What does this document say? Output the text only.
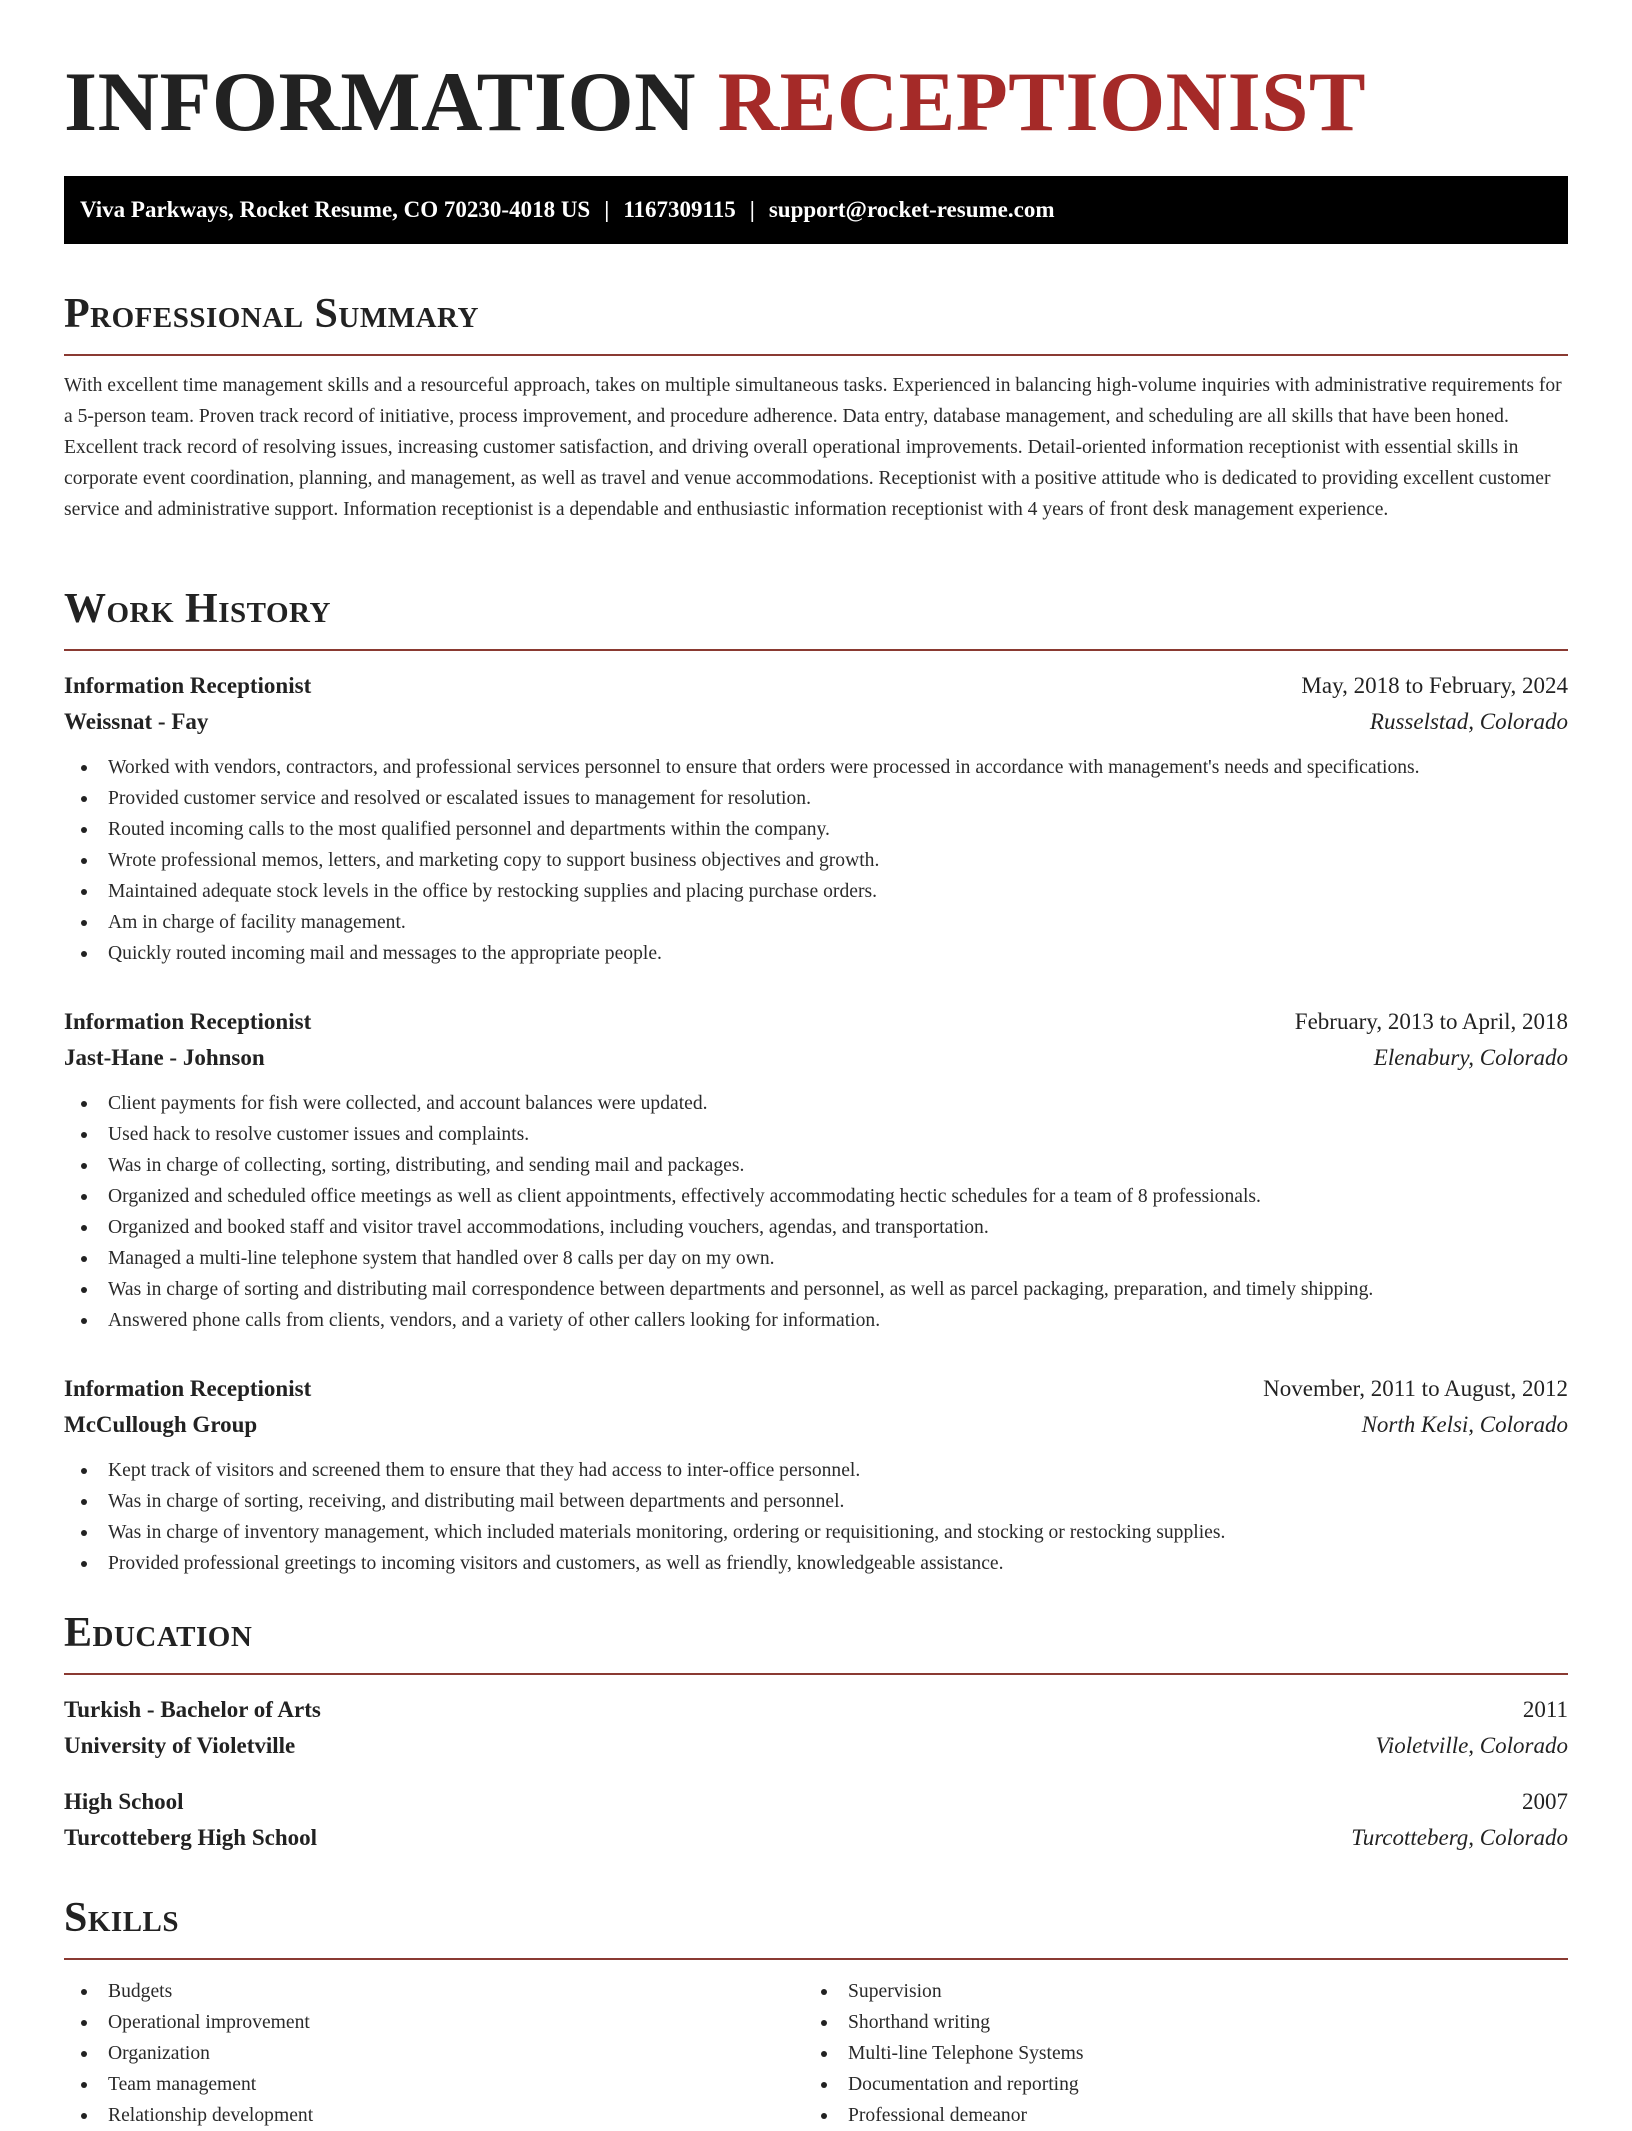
INFORMATION RECEPTIONIST
Viva Parkways, Rocket Resume, CO 70230-4018 US | 1167309115 | support@rocket-resume.com
Professional Summary

With excellent time management skills and a resourceful approach, takes on multiple simultaneous tasks. Experienced in balancing high-volume inquiries with administrative requirements for a 5-person team. Proven track record of initiative, process improvement, and procedure adherence. Data entry, database management, and scheduling are all skills that have been honed. Excellent track record of resolving issues, increasing customer satisfaction, and driving overall operational improvements. Detail-oriented information receptionist with essential skills in corporate event coordination, planning, and management, as well as travel and venue accommodations. Receptionist with a positive attitude who is dedicated to providing excellent customer service and administrative support. Information receptionist is a dependable and enthusiastic information receptionist with 4 years of front desk management experience.

Work History
Information Receptionist	May, 2018 to February, 2024
Weissnat - Fay	Russelstad, Colorado
Worked with vendors, contractors, and professional services personnel to ensure that orders were processed in accordance with management's needs and specifications.
Provided customer service and resolved or escalated issues to management for resolution.
Routed incoming calls to the most qualified personnel and departments within the company.
Wrote professional memos, letters, and marketing copy to support business objectives and growth.
Maintained adequate stock levels in the office by restocking supplies and placing purchase orders.
Am in charge of facility management.
Quickly routed incoming mail and messages to the appropriate people.
Information Receptionist	February, 2013 to April, 2018
Jast-Hane - Johnson	Elenabury, Colorado
Client payments for fish were collected, and account balances were updated.
Used hack to resolve customer issues and complaints.
Was in charge of collecting, sorting, distributing, and sending mail and packages.
Organized and scheduled office meetings as well as client appointments, effectively accommodating hectic schedules for a team of 8 professionals.
Organized and booked staff and visitor travel accommodations, including vouchers, agendas, and transportation.
Managed a multi-line telephone system that handled over 8 calls per day on my own.
Was in charge of sorting and distributing mail correspondence between departments and personnel, as well as parcel packaging, preparation, and timely shipping.
Answered phone calls from clients, vendors, and a variety of other callers looking for information.
Information Receptionist	November, 2011 to August, 2012
McCullough Group	North Kelsi, Colorado
Kept track of visitors and screened them to ensure that they had access to inter-office personnel.
Was in charge of sorting, receiving, and distributing mail between departments and personnel.
Was in charge of inventory management, which included materials monitoring, ordering or requisitioning, and stocking or restocking supplies.
Provided professional greetings to incoming visitors and customers, as well as friendly, knowledgeable assistance.
Education
Turkish - Bachelor of Arts	2011
University of Violetville	Violetville, Colorado
High School	2007
Turcotteberg High School	Turcotteberg, Colorado
Skills
Budgets
Operational improvement
Organization
Team management
Relationship development
Supervision
Shorthand writing
Multi-line Telephone Systems
Documentation and reporting
Professional demeanor
